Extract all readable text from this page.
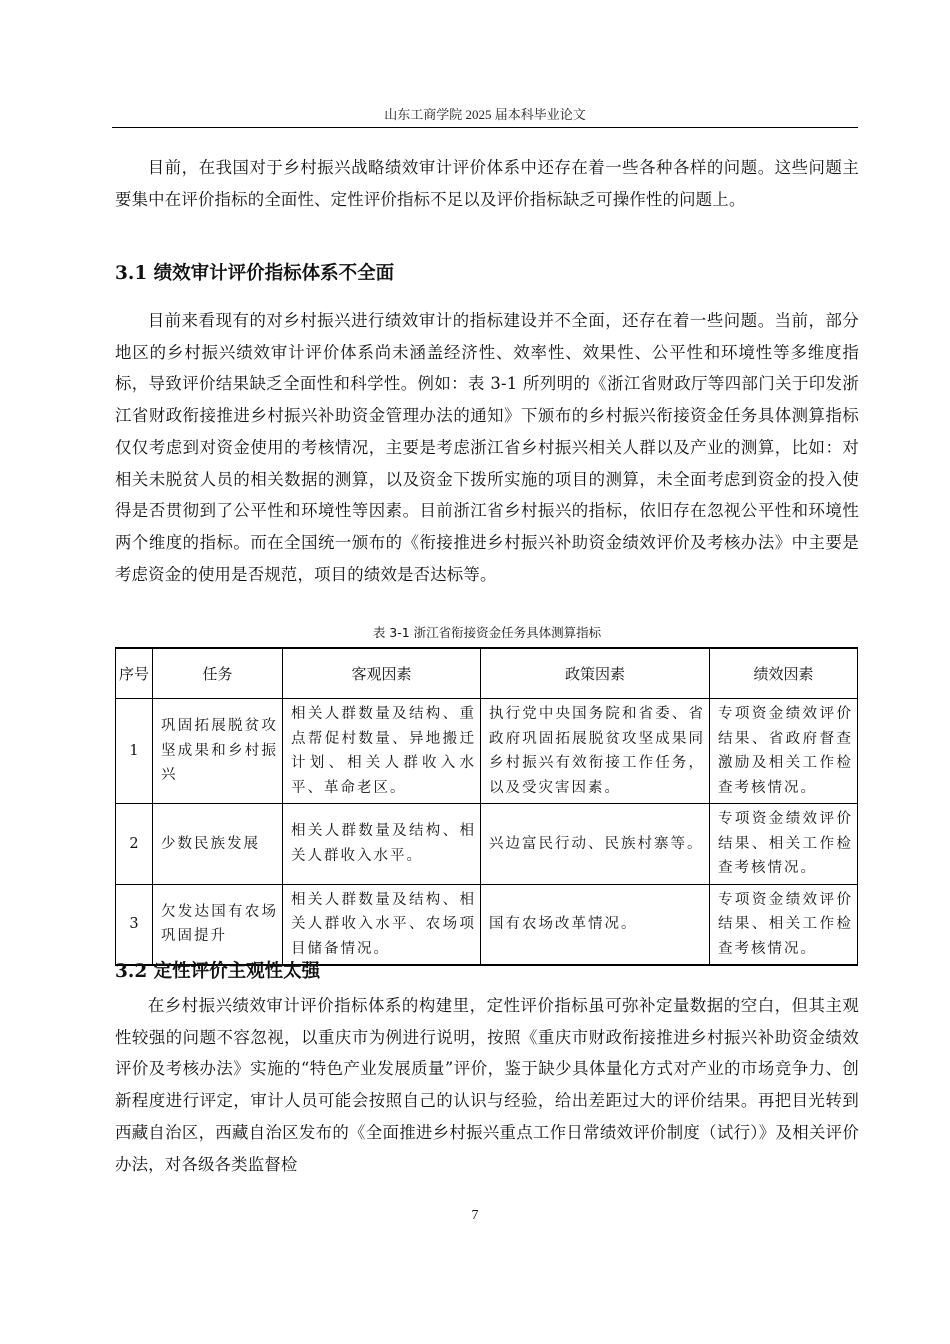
山东工商学院 2025 届本科毕业论文

目前，在我国对于乡村振兴战略绩效审计评价体系中还存在着一些各种各样的问题。这些问题主要集中在评价指标的全面性、定性评价指标不足以及评价指标缺乏可操作性的问题上。

3.1 绩效审计评价指标体系不全面

目前来看现有的对乡村振兴进行绩效审计的指标建设并不全面，还存在着一些问题。当前，部分地区的乡村振兴绩效审计评价体系尚未涵盖经济性、效率性、效果性、公平性和环境性等多维度指标，导致评价结果缺乏全面性和科学性。例如：表 3-1 所列明的《浙江省财政厅等四部门关于印发浙江省财政衔接推进乡村振兴补助资金管理办法的通知》下颁布的乡村振兴衔接资金任务具体测算指标仅仅考虑到对资金使用的考核情况，主要是考虑浙江省乡村振兴相关人群以及产业的测算，比如：对相关未脱贫人员的相关数据的测算，以及资金下拨所实施的项目的测算，未全面考虑到资金的投入使得是否贯彻到了公平性和环境性等因素。目前浙江省乡村振兴的指标，依旧存在忽视公平性和环境性两个维度的指标。而在全国统一颁布的《衔接推进乡村振兴补助资金绩效评价及考核办法》中主要是考虑资金的使用是否规范，项目的绩效是否达标等。

表 3-1 浙江省衔接资金任务具体测算指标
序号	任务	客观因素	政策因素	绩效因素
1	巩固拓展脱贫攻坚成果和乡村振兴	相关人群数量及结构、重点帮促村数量、异地搬迁计划、相关人群收入水平、革命老区。	执行党中央国务院和省委、省政府巩固拓展脱贫攻坚成果同乡村振兴有效衔接工作任务，以及受灾害因素。	专项资金绩效评价结果、省政府督查激励及相关工作检查考核情况。
2	少数民族发展	相关人群数量及结构、相关人群收入水平。	兴边富民行动、民族村寨等。	专项资金绩效评价结果、相关工作检查考核情况。
3	欠发达国有农场巩固提升	相关人群数量及结构、相关人群收入水平、农场项目储备情况。	国有农场改革情况。	专项资金绩效评价结果、相关工作检查考核情况。
3.2 定性评价主观性太强

在乡村振兴绩效审计评价指标体系的构建里，定性评价指标虽可弥补定量数据的空白，但其主观性较强的问题不容忽视，以重庆市为例进行说明，按照《重庆市财政衔接推进乡村振兴补助资金绩效评价及考核办法》实施的“特色产业发展质量”评价，鉴于缺少具体量化方式对产业的市场竞争力、创新程度进行评定，审计人员可能会按照自己的认识与经验，给出差距过大的评价结果。再把目光转到西藏自治区，西藏自治区发布的《全面推进乡村振兴重点工作日常绩效评价制度（试行）》及相关评价办法，对各级各类监督检

7
